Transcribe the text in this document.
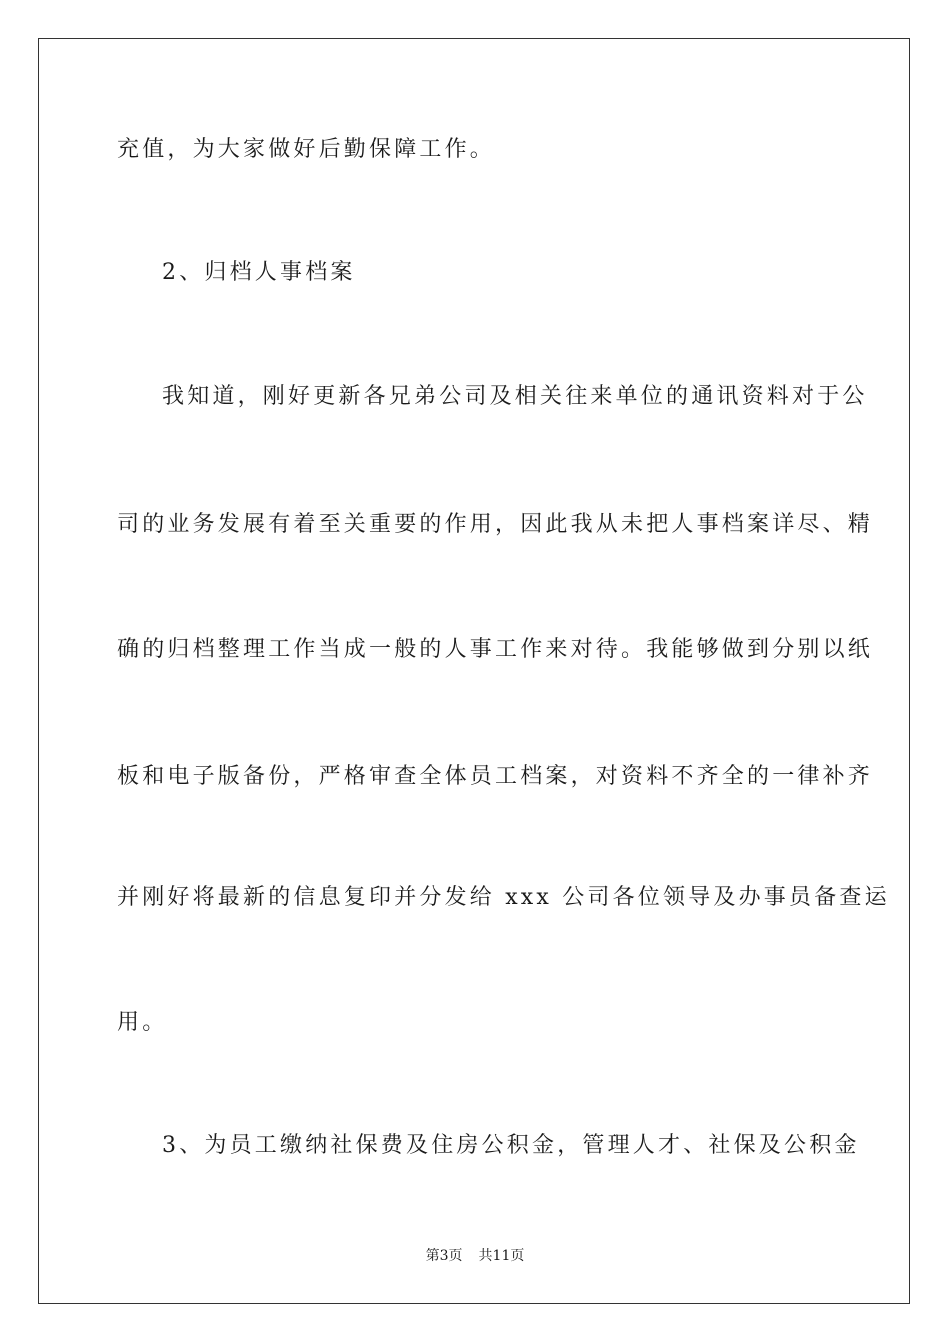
充值，为大家做好后勤保障工作。
2、归档人事档案
我知道，刚好更新各兄弟公司及相关往来单位的通讯资料对于公
司的业务发展有着至关重要的作用，因此我从未把人事档案详尽、精
确的归档整理工作当成一般的人事工作来对待。我能够做到分别以纸
板和电子版备份，严格审查全体员工档案，对资料不齐全的一律补齐
并刚好将最新的信息复印并分发给 xxx 公司各位领导及办事员备查运
用。
3、为员工缴纳社保费及住房公积金，管理人才、社保及公积金
第3页 共11页
